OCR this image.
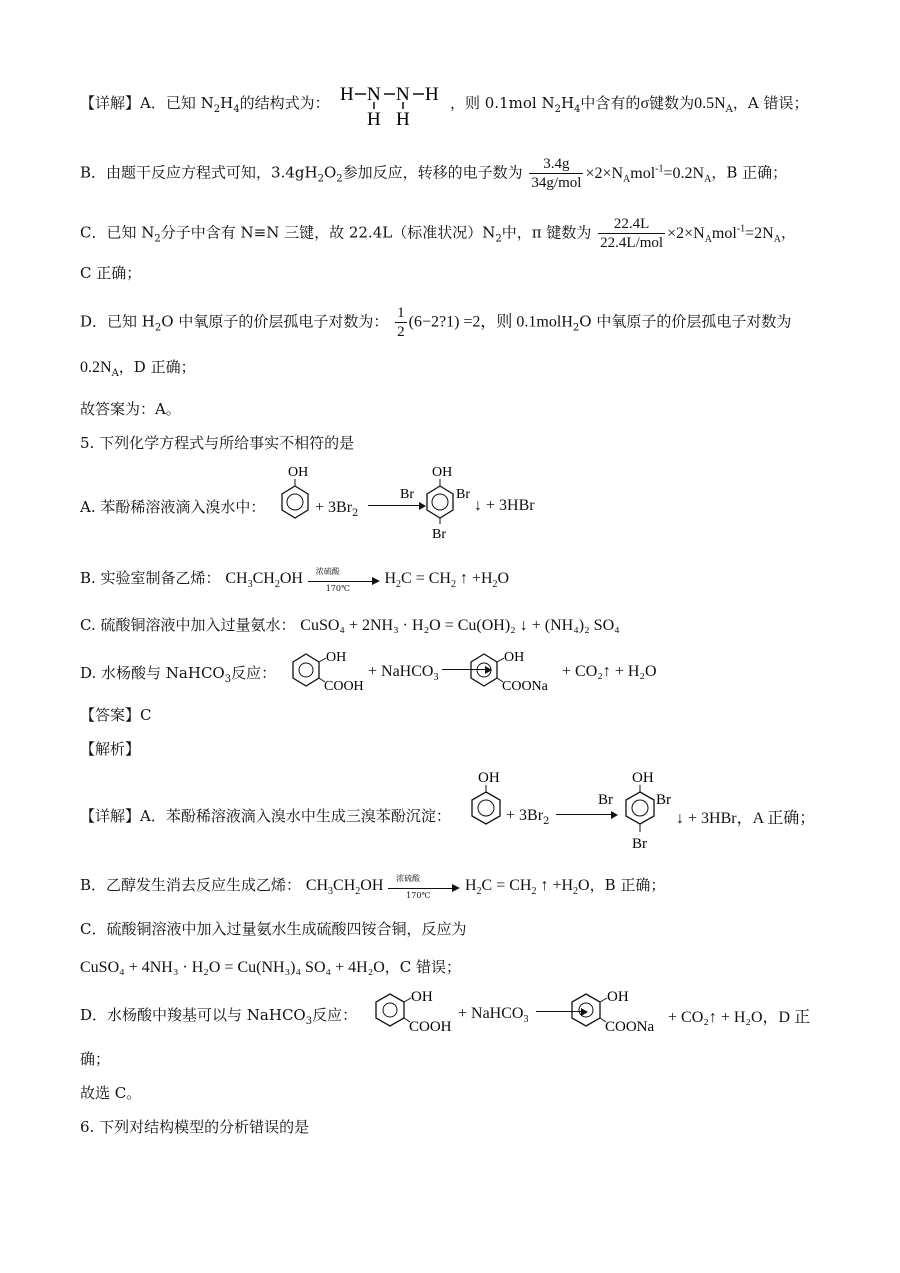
【详解】A．已知 $N_2H_4$的结构式为： H N N H
H H
，则 0.1mol $N_2H_4$中含有的σ键数为$0.5N_A$，A 错误；
B．由题干反应方程式可知，$3.4gH_2O_2$参加反应，转移的电子数为 $\frac{3.4g}{\text{34g/mol}} \times 2\times N_Amol^{-1}=0.2N_A$，B 正确；
C．已知 $N_2$分子中含有 N≡N 三键，故 22.4L（标准状况）$N_2$中，π 键数为 $\frac{22.4L}{\text{22.4L/mol}} \times 2\times N_Amol^{-1}=2N_A$，
C 正确；
D．已知 $H_2O$ 中氧原子的价层孤电子对数为： $\frac{1}{2}$ (6−2?1) =2，则 0.1molH$_2$O 中氧原子的价层孤电子对数为
$0.2N_A$，D 正确；
故答案为：A。
5. 下列化学方程式与所给事实不相符的是
A. 苯酚稀溶液滴入溴水中：
OH
+ $3Br_2$
OH
Br	Br
Br
↓ + 3HBr
B. 实验室制备乙烯： $CH_3CH_2OH$ 浓硫酸
170℃
$H_2C = CH_2$ ↑ $+H_2O$
C. 硫酸铜溶液中加入过量氨水： CuSO₄ + 2NH₃ · H₂O = Cu(OH)₂ ↓ + (NH₄)₂ SO₄
D. 水杨酸与 NaHCO$_3$反应：
OH
COOH
+ NaHCO$_3$
OH
COONa
+ CO₂↑ + H₂O
【答案】C
【解析】
【详解】A．苯酚稀溶液滴入溴水中生成三溴苯酚沉淀：
OH
+ $3Br_2$
OH
Br	Br
Br
↓ + 3HBr，A 正确；
B．乙醇发生消去反应生成乙烯： $CH_3CH_2OH$ 浓硫酸
170℃
$H_2C = CH_2$ ↑ $+H_2O$，B 正确；
C．硫酸铜溶液中加入过量氨水生成硫酸四铵合铜，反应为
CuSO₄ + 4NH₃ · H₂O = Cu(NH₃)₄ SO₄ + 4H₂O，C 错误；
D．水杨酸中羧基可以与 NaHCO$_3$反应：
OH
COOH
+ NaHCO$_3$
OH
COONa
+ CO₂↑ + H₂O，D 正
确；
故选 C。
6. 下列对结构模型的分析错误的是
